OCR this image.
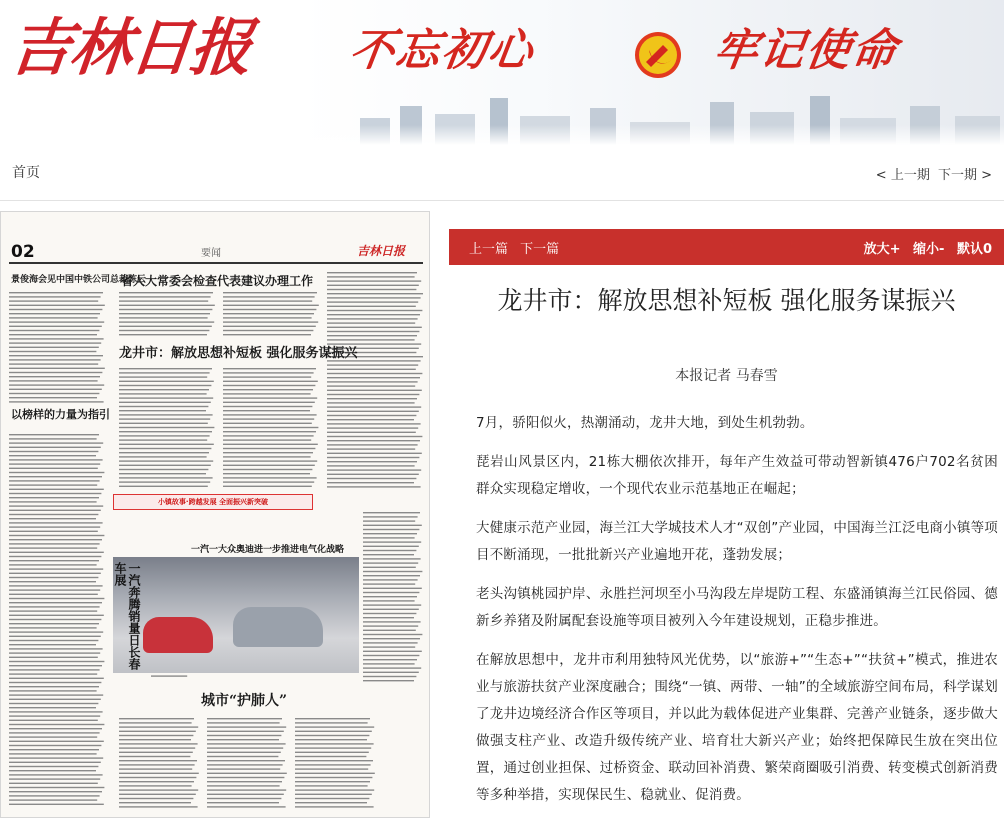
吉林日报	不忘初心	牢记使命
首页	< 上一期 下一期 >
02	要闻	吉林日报
景俊海会见中国中铁公司总裁陈云
省人大常委会检查代表建议办理工作
龙井市：解放思想补短板 强化服务谋振兴
以榜样的力量为指引
小镇故事·跨越发展 全面振兴新突破
一汽一大众奥迪进一步推进电气化战略
一汽奔腾销量日长春车展
城市“护肺人”
上一篇 下一篇	放大+ 缩小- 默认0
龙井市：解放思想补短板 强化服务谋振兴
本报记者 马春雪

7月，骄阳似火，热潮涌动，龙井大地，到处生机勃勃。

琵岩山风景区内，21栋大棚依次排开，每年产生效益可带动智新镇476户702名贫困群众实现稳定增收，一个现代农业示范基地正在崛起；

大健康示范产业园，海兰江大学城技术人才“双创”产业园，中国海兰江泛电商小镇等项目不断涌现，一批批新兴产业遍地开花，蓬勃发展；

老头沟镇桃园护岸、永胜拦河坝至小马沟段左岸堤防工程、东盛涌镇海兰江民俗园、德新乡养猪及附属配套设施等项目被列入今年建设规划，正稳步推进。

在解放思想中，龙井市利用独特风光优势，以“旅游+”“生态+”“扶贫+”模式，推进农业与旅游扶贫产业深度融合；围绕“一镇、两带、一轴”的全域旅游空间布局，科学谋划了龙井边境经济合作区等项目，并以此为载体促进产业集群、完善产业链条，逐步做大做强支柱产业、改造升级传统产业、培育壮大新兴产业；始终把保障民生放在突出位置，通过创业担保、过桥资金、联动回补消费、繁荣商圈吸引消费、转变模式创新消费等多种举措，实现保民生、稳就业、促消费。
